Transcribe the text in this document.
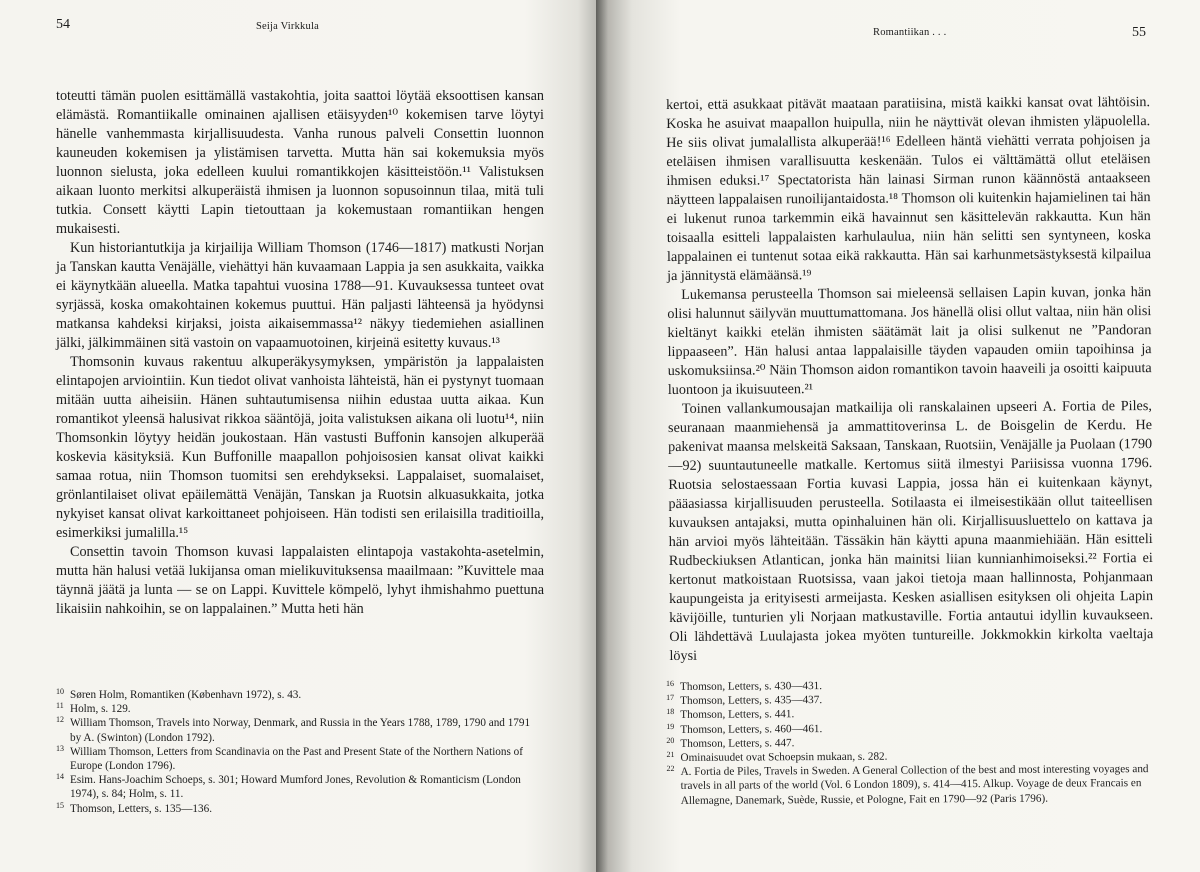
54	Seija Virkkula

toteutti tämän puolen esittämällä vastakohtia, joita saattoi löytää eksoottisen kansan elämästä. Romantiikalle ominainen ajallisen etäisyyden¹⁰ kokemisen tarve löytyi hänelle vanhemmasta kirjallisuudesta. Vanha runous palveli Consettin luonnon kauneuden kokemisen ja ylistämisen tarvetta. Mutta hän sai kokemuksia myös luonnon sielusta, joka edelleen kuului romantikkojen käsitteistöön.¹¹ Valistuksen aikaan luonto merkitsi alkuperäistä ihmisen ja luonnon sopusoinnun tilaa, mitä tuli tutkia. Consett käytti Lapin tietouttaan ja kokemustaan romantiikan hengen mukaisesti.

Kun historiantutkija ja kirjailija William Thomson (1746—1817) matkusti Norjan ja Tanskan kautta Venäjälle, viehättyi hän kuvaamaan Lappia ja sen asukkaita, vaikka ei käynytkään alueella. Matka tapahtui vuosina 1788—91. Kuvauksessa tunteet ovat syrjässä, koska omakohtainen kokemus puuttui. Hän paljasti lähteensä ja hyödynsi matkansa kahdeksi kirjaksi, joista aikaisemmassa¹² näkyy tiedemiehen asiallinen jälki, jälkimmäinen sitä vastoin on vapaamuotoinen, kirjeinä esitetty kuvaus.¹³

Thomsonin kuvaus rakentuu alkuperäkysymyksen, ympäristön ja lappalaisten elintapojen arviointiin. Kun tiedot olivat vanhoista lähteistä, hän ei pystynyt tuomaan mitään uutta aiheisiin. Hänen suhtautumisensa niihin edustaa uutta aikaa. Kun romantikot yleensä halusivat rikkoa sääntöjä, joita valistuksen aikana oli luotu¹⁴, niin Thomsonkin löytyy heidän joukostaan. Hän vastusti Buffonin kansojen alkuperää koskevia käsityksiä. Kun Buffonille maapallon pohjoisosien kansat olivat kaikki samaa rotua, niin Thomson tuomitsi sen erehdykseksi. Lappalaiset, suomalaiset, grönlantilaiset olivat epäilemättä Venäjän, Tanskan ja Ruotsin alkuasukkaita, jotka nykyiset kansat olivat karkoittaneet pohjoiseen. Hän todisti sen erilaisilla traditioilla, esimerkiksi jumalilla.¹⁵

Consettin tavoin Thomson kuvasi lappalaisten elintapoja vastakohta-asetelmin, mutta hän halusi vetää lukijansa oman mielikuvituksensa maailmaan: ”Kuvittele maa täynnä jäätä ja lunta — se on Lappi. Kuvittele kömpelö, lyhyt ihmishahmo puettuna likaisiin nahkoihin, se on lappalainen.” Mutta heti hän

10 Søren Holm, Romantiken (København 1972), s. 43.
11 Holm, s. 129.
12 William Thomson, Travels into Norway, Denmark, and Russia in the Years 1788, 1789, 1790 and 1791 by A. (Swinton) (London 1792).
13 William Thomson, Letters from Scandinavia on the Past and Present State of the Northern Nations of Europe (London 1796).
14 Esim. Hans-Joachim Schoeps, s. 301; Howard Mumford Jones, Revolution & Romanticism (London 1974), s. 84; Holm, s. 11.
15 Thomson, Letters, s. 135—136.
Romantiikan . . .	55

kertoi, että asukkaat pitävät maataan paratiisina, mistä kaikki kansat ovat lähtöisin. Koska he asuivat maapallon huipulla, niin he näyttivät olevan ihmisten yläpuolella. He siis olivat jumalallista alkuperää!¹⁶ Edelleen häntä viehätti verrata pohjoisen ja eteläisen ihmisen varallisuutta keskenään. Tulos ei välttämättä ollut eteläisen ihmisen eduksi.¹⁷ Spectatorista hän lainasi Sirman runon käännöstä antaakseen näytteen lappalaisen runoilijantaidosta.¹⁸ Thomson oli kuitenkin hajamielinen tai hän ei lukenut runoa tarkemmin eikä havainnut sen käsittelevän rakkautta. Kun hän toisaalla esitteli lappalaisten karhulaulua, niin hän selitti sen syntyneen, koska lappalainen ei tuntenut sotaa eikä rakkautta. Hän sai karhunmetsästyksestä kilpailua ja jännitystä elämäänsä.¹⁹

Lukemansa perusteella Thomson sai mieleensä sellaisen Lapin kuvan, jonka hän olisi halunnut säilyvän muuttumattomana. Jos hänellä olisi ollut valtaa, niin hän olisi kieltänyt kaikki etelän ihmisten säätämät lait ja olisi sulkenut ne ”Pandoran lippaaseen”. Hän halusi antaa lappalaisille täyden vapauden omiin tapoihinsa ja uskomuksiinsa.²⁰ Näin Thomson aidon romantikon tavoin haaveili ja osoitti kaipuuta luontoon ja ikuisuuteen.²¹

Toinen vallankumousajan matkailija oli ranskalainen upseeri A. Fortia de Piles, seuranaan maanmiehensä ja ammattitoverinsa L. de Boisgelin de Kerdu. He pakenivat maansa melskeitä Saksaan, Tanskaan, Ruotsiin, Venäjälle ja Puolaan (1790—92) suuntautuneelle matkalle. Kertomus siitä ilmestyi Pariisissa vuonna 1796. Ruotsia selostaessaan Fortia kuvasi Lappia, jossa hän ei kuitenkaan käynyt, pääasiassa kirjallisuuden perusteella. Sotilaasta ei ilmeisestikään ollut taiteellisen kuvauksen antajaksi, mutta opinhaluinen hän oli. Kirjallisuusluettelo on kattava ja hän arvioi myös lähteitään. Tässäkin hän käytti apuna maanmiehiään. Hän esitteli Rudbeckiuksen Atlantican, jonka hän mainitsi liian kunnianhimoiseksi.²² Fortia ei kertonut matkoistaan Ruotsissa, vaan jakoi tietoja maan hallinnosta, Pohjanmaan kaupungeista ja erityisesti armeijasta. Kesken asiallisen esityksen oli ohjeita Lapin kävijöille, tunturien yli Norjaan matkustaville. Fortia antautui idyllin kuvaukseen. Oli lähdettävä Luulajasta jokea myöten tuntureille. Jokkmokkin kirkolta vaeltaja löysi

16 Thomson, Letters, s. 430—431.
17 Thomson, Letters, s. 435—437.
18 Thomson, Letters, s. 441.
19 Thomson, Letters, s. 460—461.
20 Thomson, Letters, s. 447.
21 Ominaisuudet ovat Schoepsin mukaan, s. 282.
22 A. Fortia de Piles, Travels in Sweden. A General Collection of the best and most interesting voyages and travels in all parts of the world (Vol. 6 London 1809), s. 414—415. Alkup. Voyage de deux Francais en Allemagne, Danemark, Suède, Russie, et Pologne, Fait en 1790—92 (Paris 1796).
